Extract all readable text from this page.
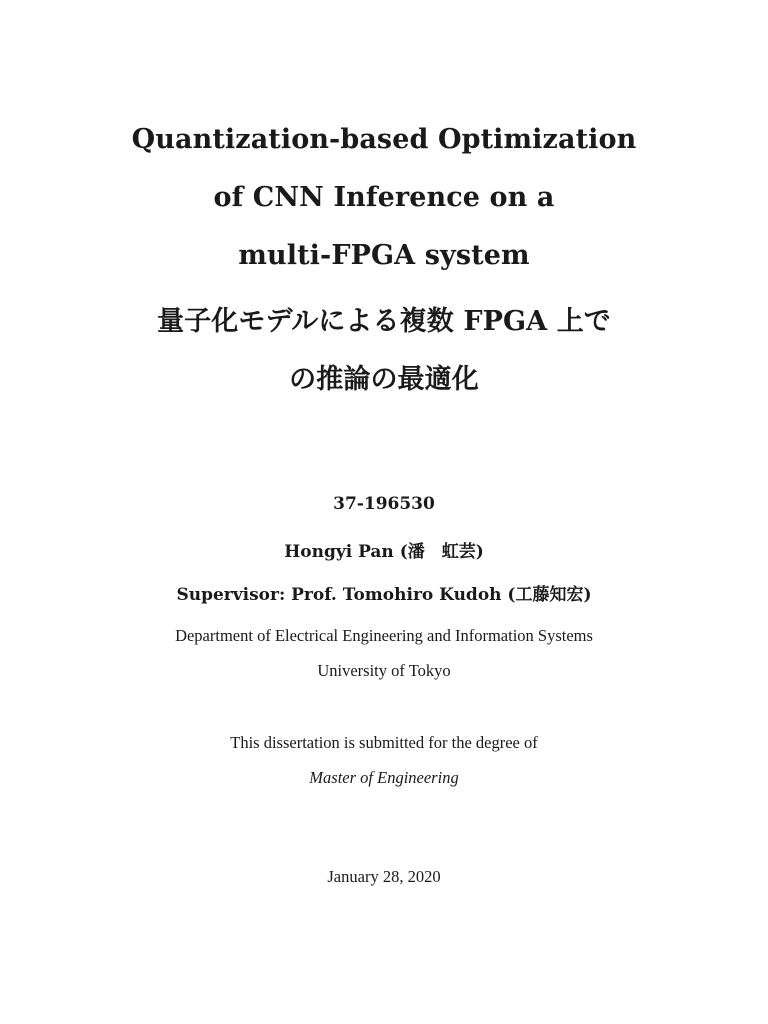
Quantization-based Optimization
of CNN Inference on a
multi-FPGA system
量子化モデルによる複数 FPGA 上で
の推論の最適化
37-196530
Hongyi Pan (潘　虹芸)
Supervisor: Prof. Tomohiro Kudoh (工藤知宏)
Department of Electrical Engineering and Information Systems
University of Tokyo
This dissertation is submitted for the degree of
Master of Engineering
January 28, 2020
